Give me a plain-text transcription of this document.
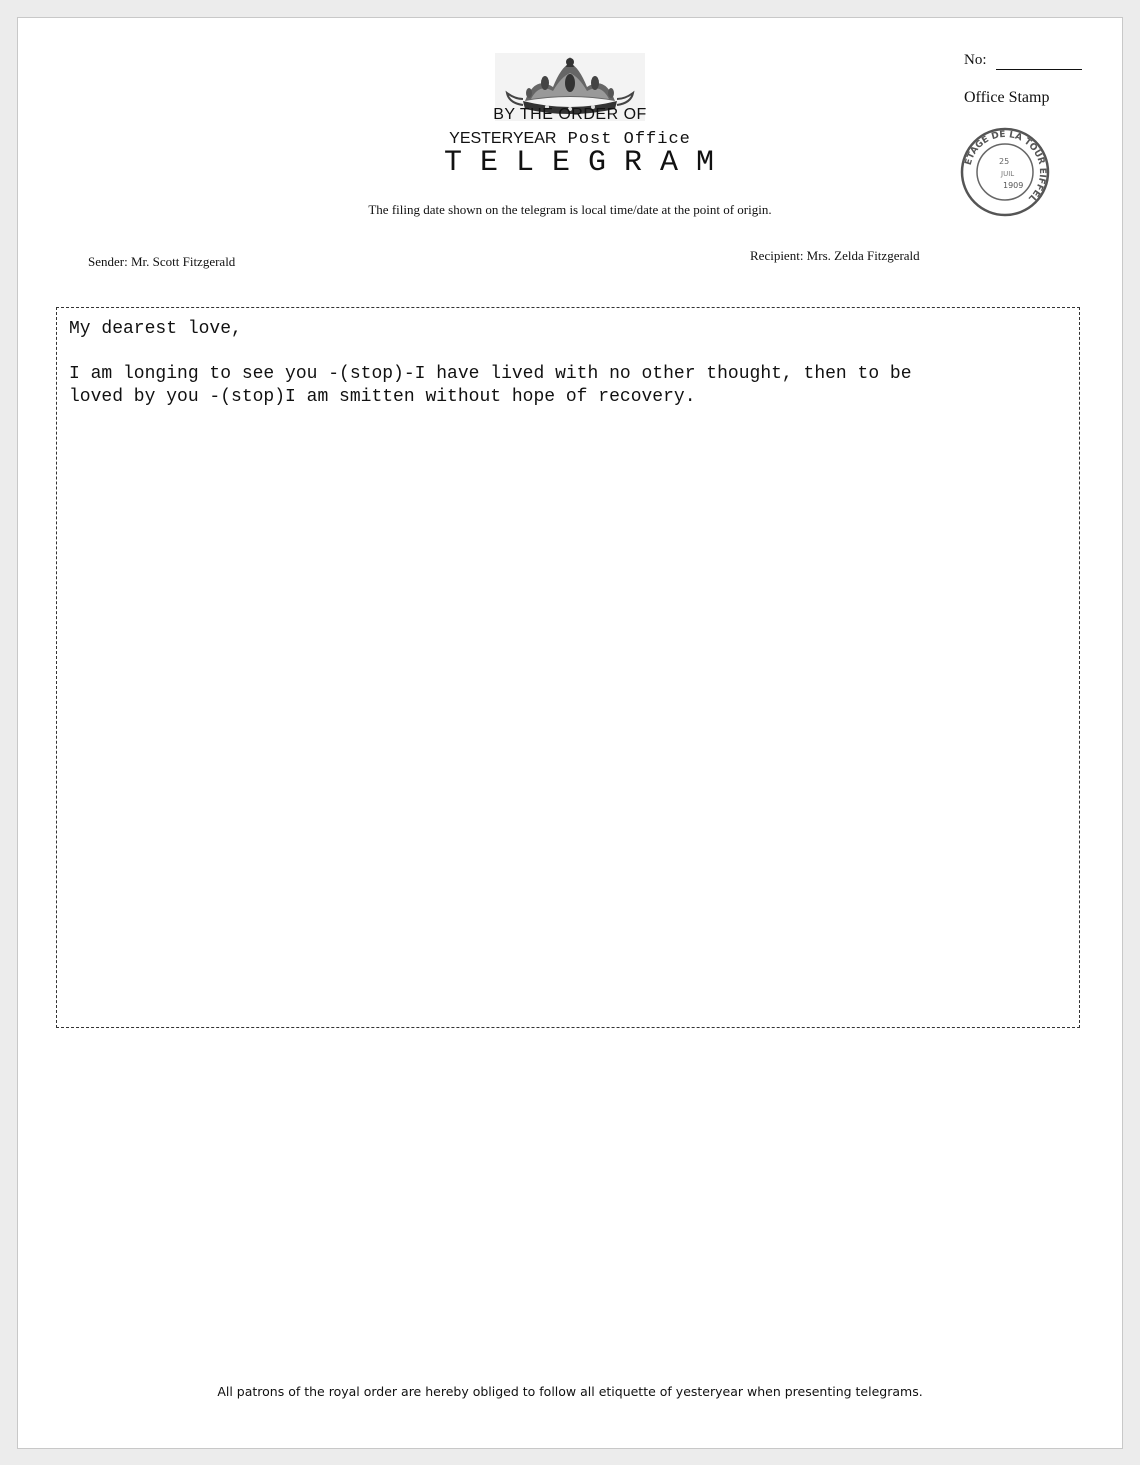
BY THE ORDER OF
YESTERYEAR Post Office
TELEGRAM
The filing date shown on the telegram is local time/date at the point of origin.
No:
Office Stamp
ETAGE DE LA TOUR EIFFEL
25
JUIL
1909
Sender: Mr. Scott Fitzgerald	Recipient: Mrs. Zelda Fitzgerald

My dearest love,

I am longing to see you -(stop)-I have lived with no other thought, then to be

loved by you -(stop)I am smitten without hope of recovery.

All patrons of the royal order are hereby obliged to follow all etiquette of yesteryear when presenting telegrams.
